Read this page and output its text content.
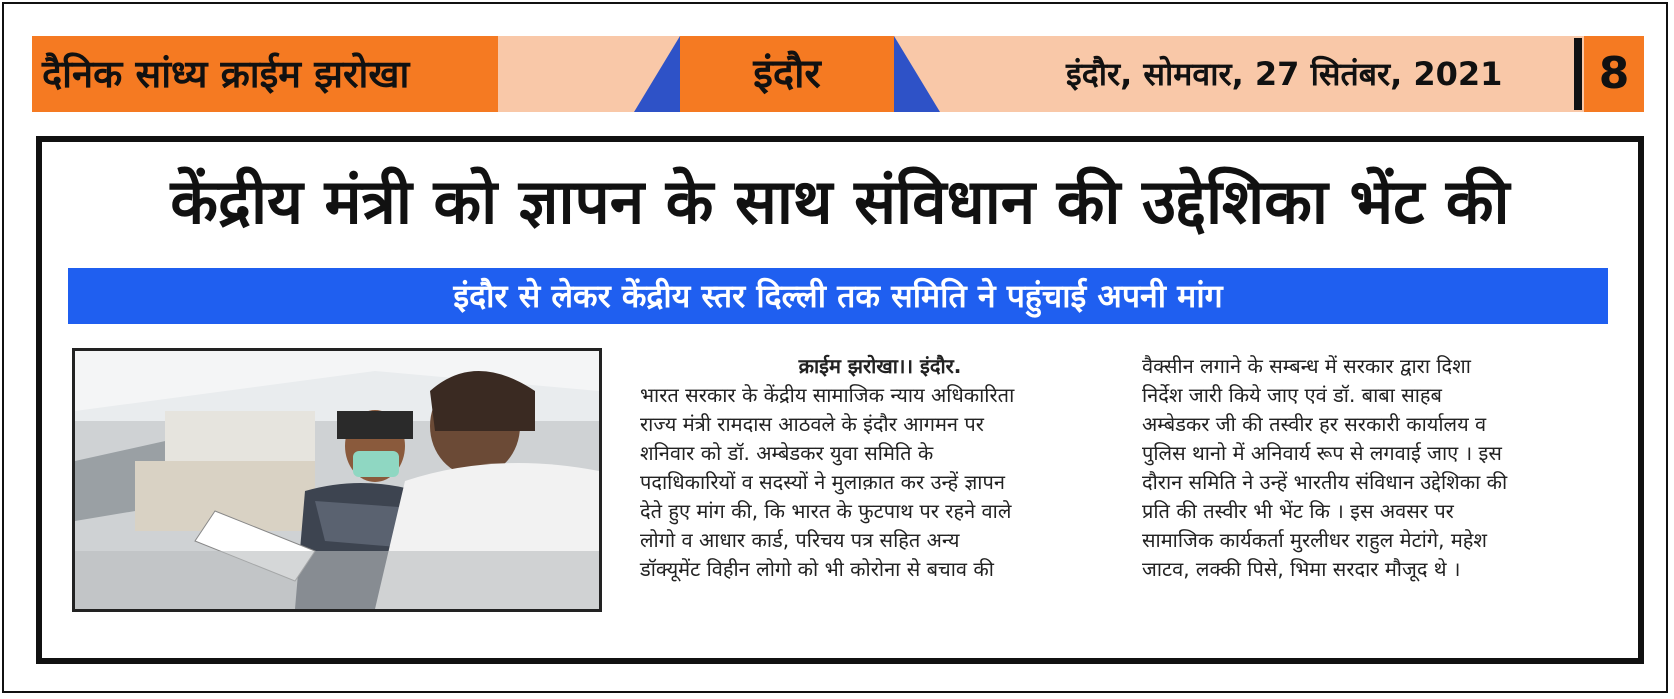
दैनिक सांध्य क्राईम झरोखा	इंदौर	इंदौर, सोमवार, 27 सितंबर, 2021	8
केंद्रीय मंत्री को ज्ञापन के साथ संविधान की उद्देशिका भेंट की
इंदौर से लेकर केंद्रीय स्तर दिल्ली तक समिति ने पहुंचाई अपनी मांग

क्राईम झरोखा।। इंदौर.

भारत सरकार के केंद्रीय सामाजिक न्याय अधिकारिता

राज्य मंत्री रामदास आठवले के इंदौर आगमन पर

शनिवार को डॉ. अम्बेडकर युवा समिति के

पदाधिकारियों व सदस्यों ने मुलाक़ात कर उन्हें ज्ञापन

देते हुए मांग की, कि भारत के फुटपाथ पर रहने वाले

लोगो व आधार कार्ड, परिचय पत्र सहित अन्य

डॉक्यूमेंट विहीन लोगो को भी कोरोना से बचाव की

वैक्सीन लगाने के सम्बन्ध में सरकार द्वारा दिशा

निर्देश जारी किये जाए एवं डॉ. बाबा साहब

अम्बेडकर जी की तस्वीर हर सरकारी कार्यालय व

पुलिस थानो में अनिवार्य रूप से लगवाई जाए । इस

दौरान समिति ने उन्हें भारतीय संविधान उद्देशिका की

प्रति की तस्वीर भी भेंट कि । इस अवसर पर

सामाजिक कार्यकर्ता मुरलीधर राहुल मेटांगे, महेश

जाटव, लक्की पिसे, भिमा सरदार मौजूद थे ।
